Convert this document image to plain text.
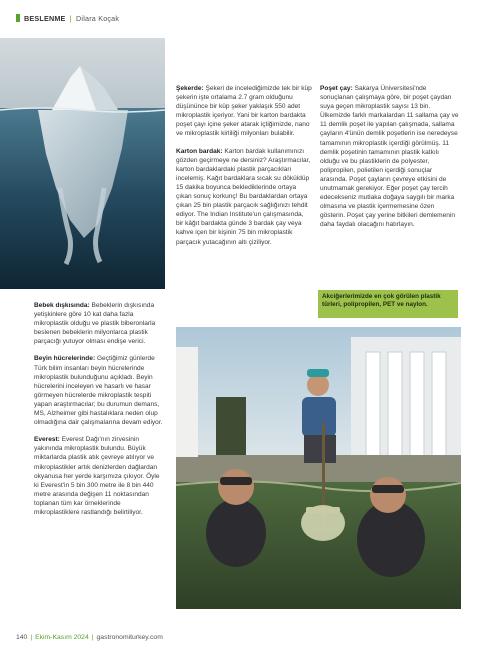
BESLENME | Dilara Koçak

Bebek dışkısında: Bebeklerin dışkısında yetişkinlere göre 10 kat daha fazla mikroplastik olduğu ve plastik biberonlarla beslenen bebeklerin milyonlarca plastik parçacığı yutuyor olması endişe verici.

Beyin hücrelerinde: Geçtiğimiz günlerde Türk bilim insanları beyin hücrelerinde mikroplastik bulunduğunu açıkladı. Beyin hücrelerini inceleyen ve hasarlı ve hasar görmeyen hücrelerde mikroplastik tespiti yapan araştırmacılar; bu durumun demans, MS, Alzheimer gibi hastalıklara neden olup olmadığına dair çalışmalarına devam ediyor.

Everest: Everest Dağı'nın zirvesinin yakınında mikroplastik bulundu. Büyük miktarlarda plastik atık çevreye atılıyor ve mikroplastikler artık denizlerden dağlardan okyanusa her yerde karşımıza çıkıyor. Öyle ki Everest'in 5 bin 300 metre ile 8 bin 440 metre arasında değişen 11 noktasından toplanan tüm kar örneklerinde mikroplastiklere rastlandığı belirtiliyor.

Şekerde: Şekeri de incelediğimizde tek bir küp şekerin işte ortalama 2.7 gram olduğunu düşününce bir küp şeker yaklaşık 550 adet mikroplastik içeriyor. Yani bir karton bardakta poşet çayı içine şeker atarak içtiğimizde, nano ve mikroplastik kirliliği milyonları bulabilir.

Karton bardak: Karton bardak kullanımınızı gözden geçirmeye ne dersiniz? Araştırmacılar, karton bardaklardaki plastik parçacıkları incelemiş. Kağıt bardaklara sıcak su döküldüp 15 dakika boyunca beklediklerinde ortaya çıkan sonuç korkunç! Bu bardaklardan ortaya çıkan 25 bin plastik parçacık sağlığınızı tehdit ediyor. The Indian Institute'un çalışmasında, bir kâğıt bardakta günde 3 bardak çay veya kahve içen bir kişinin 75 bin mikroplastik parçacık yutacağının altı çiziliyor.

Poşet çay: Sakarya Üniversitesi'nde sonuçlanan çalışmaya göre, bir poşet çaydan suya geçen mikroplastik sayısı 13 bin. Ülkemizde farklı markalardan 11 sallama çay ve 11 demlik poşet ile yapılan çalışmada, sallama çayların 4'ünün demlik poşetlerin ise neredeyse tamamının mikroplastik içerdiği görülmüş. 11 demlik poşetinin tamamının plastik katkılı olduğu ve bu plastiklerin de polyester, polipropilen, polietilen içerdiği sonuçlar arasında. Poşet çayların çevreye etkisini de unutmamak gerekiyor. Eğer poşet çay tercih edecekseniz mutlaka doğaya saygılı bir marka olmasına ve plastik içermemesine özen gösterin. Poşet çay yerine bitkileri demlemenin daha faydalı olacağını hatırlayın.

Akciğerlerimizde en çok görülen plastik türleri, polipropilen, PET ve naylon.
140 | Ekim-Kasım 2024 | gastronomiturkey.com
